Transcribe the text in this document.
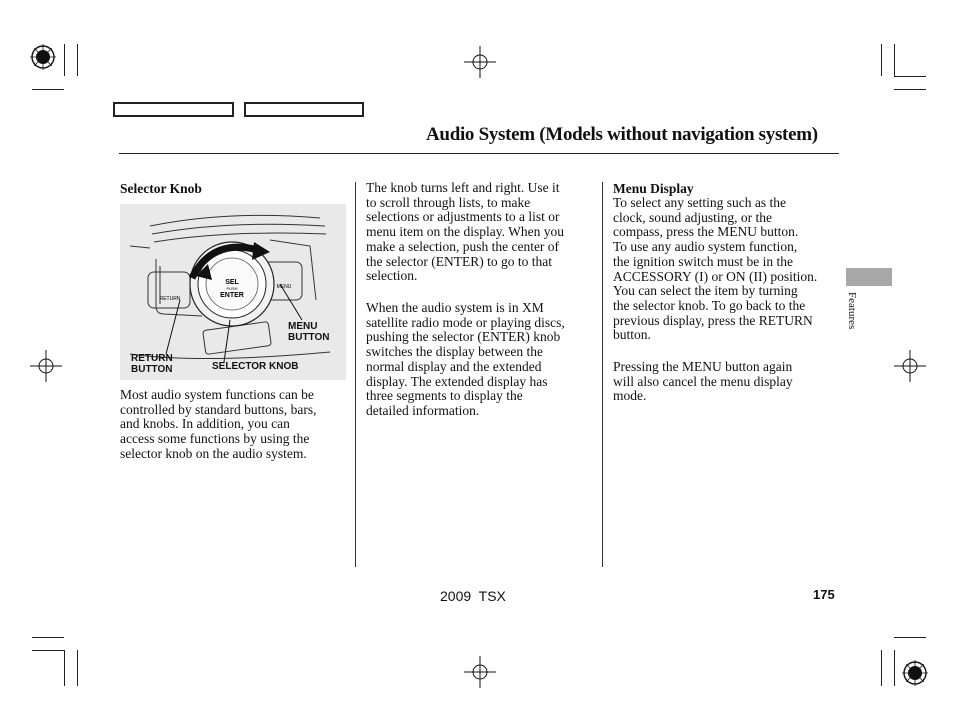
Audio System (Models without navigation system)
Selector Knob
SEL
PUSH
ENTER
RETURN
MENU
MENU
BUTTON
RETURN
BUTTON	SELECTOR KNOB
Most audio system functions can be
controlled by standard buttons, bars,
and knobs. In addition, you can
access some functions by using the
selector knob on the audio system.
The knob turns left and right. Use it
to scroll through lists, to make
selections or adjustments to a list or
menu item on the display. When you
make a selection, push the center of
the selector (ENTER) to go to that
selection.
When the audio system is in XM
satellite radio mode or playing discs,
pushing the selector (ENTER) knob
switches the display between the
normal display and the extended
display. The extended display has
three segments to display the
detailed information.
Menu Display
To select any setting such as the
clock, sound adjusting, or the
compass, press the MENU button.
To use any audio system function,
the ignition switch must be in the
ACCESSORY (I) or ON (II) position.
You can select the item by turning
the selector knob. To go back to the
previous display, press the RETURN
button.
Pressing the MENU button again
will also cancel the menu display
mode.
Features
2009  TSX	175
